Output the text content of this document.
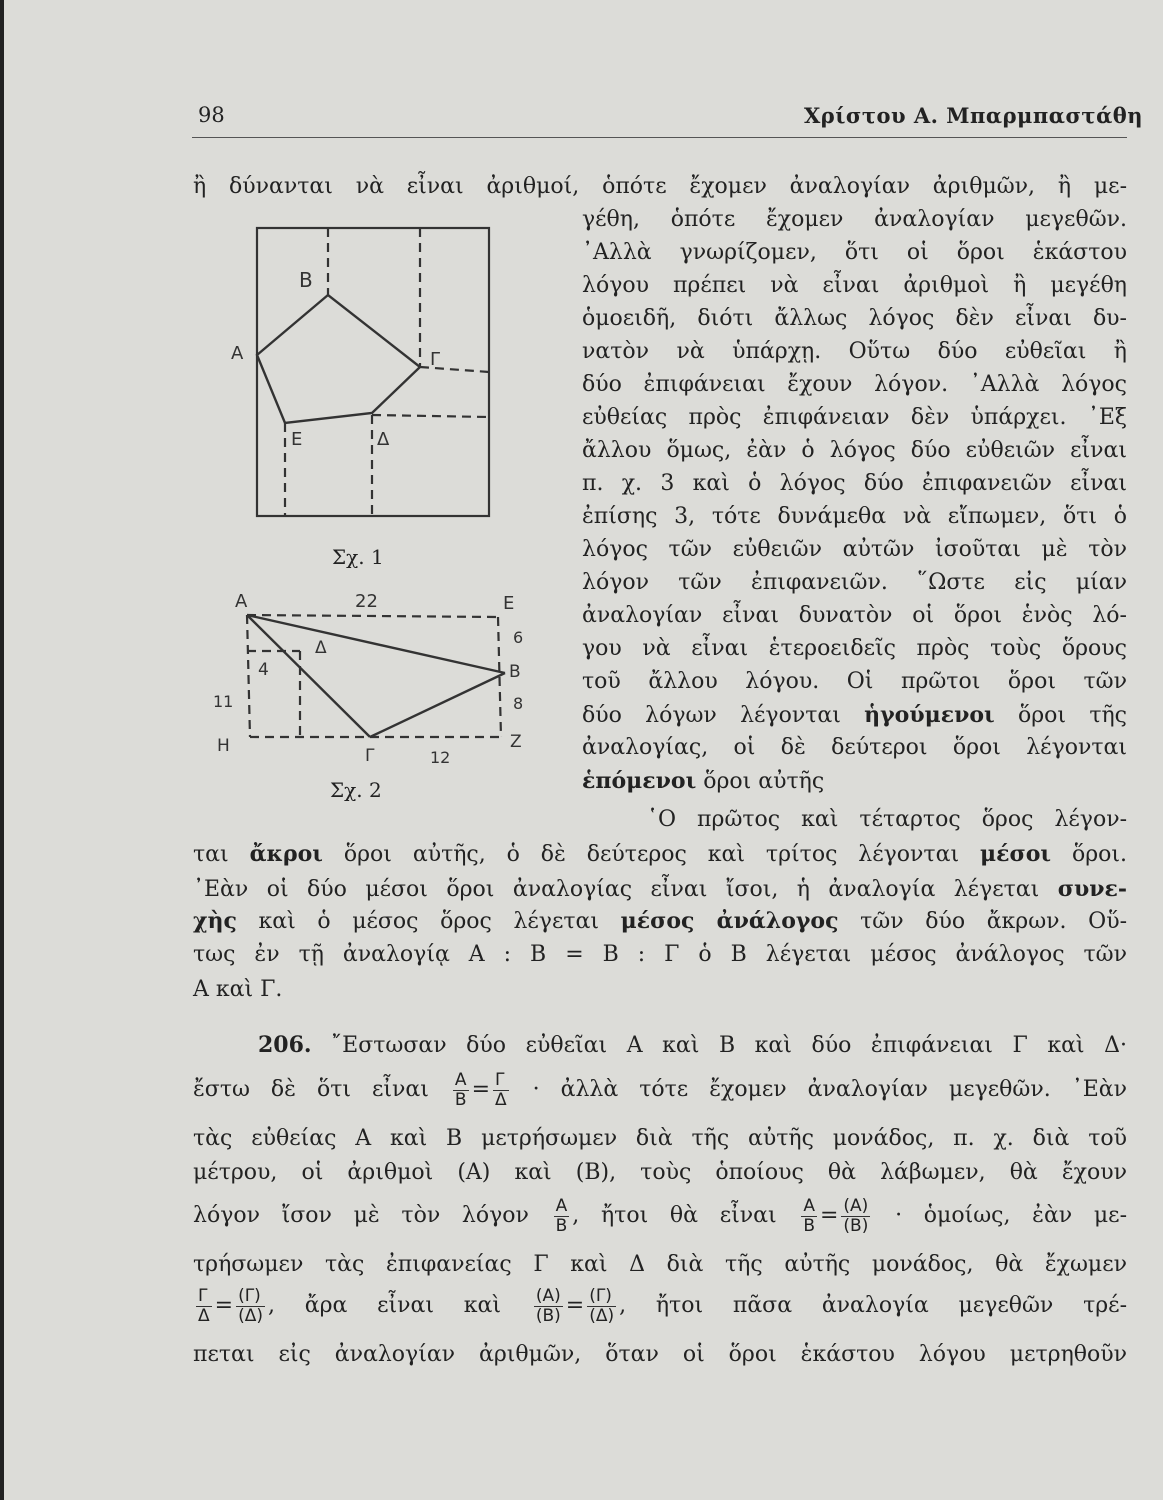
98	Χρίστου Α. Μπαρμπαστάθη
Β
Α	Γ
Ε	Δ
Σχ. 1
Α	22	Ε
6
Δ
4	Β
8
11
Η	Ζ
Γ	12
Σχ. 2
ἢ δύνανται νὰ εἶναι ἀριθμοί, ὁπότε ἔχομεν ἀναλογίαν ἀριθμῶν, ἢ με-
γέθη, ὁπότε ἔχομεν ἀναλογίαν μεγεθῶν.
᾿Αλλὰ γνωρίζομεν, ὅτι οἱ ὅροι ἑκάστου
λόγου πρέπει νὰ εἶναι ἀριθμοὶ ἢ μεγέθη
ὁμοειδῆ, διότι ἄλλως λόγος δὲν εἶναι δυ-
νατὸν νὰ ὑπάρχῃ. Οὕτω δύο εὐθεῖαι ἢ
δύο ἐπιφάνειαι ἔχουν λόγον. ᾿Αλλὰ λόγος
εὐθείας πρὸς ἐπιφάνειαν δὲν ὑπάρχει. ᾿Εξ
ἄλλου ὅμως, ἐὰν ὁ λόγος δύο εὐθειῶν εἶναι
π. χ. 3 καὶ ὁ λόγος δύο ἐπιφανειῶν εἶναι
ἐπίσης 3, τότε δυνάμεθα νὰ εἴπωμεν, ὅτι ὁ
λόγος τῶν εὐθειῶν αὐτῶν ἰσοῦται μὲ τὸν
λόγον τῶν ἐπιφανειῶν. ῞Ωστε εἰς μίαν
ἀναλογίαν εἶναι δυνατὸν οἱ ὅροι ἑνὸς λό-
γου νὰ εἶναι ἑτεροειδεῖς πρὸς τοὺς ὅρους
τοῦ ἄλλου λόγου. Οἱ πρῶτοι ὅροι τῶν
δύο λόγων λέγονται ἡγούμενοι ὅροι τῆς
ἀναλογίας, οἱ δὲ δεύτεροι ὅροι λέγονται
ἑπόμενοι ὅροι αὐτῆς
῾Ο πρῶτος καὶ τέταρτος ὅρος λέγον-
ται ἄκροι ὅροι αὐτῆς, ὁ δὲ δεύτερος καὶ τρίτος λέγονται μέσοι ὅροι.
᾿Εὰν οἱ δύο μέσοι ὅροι ἀναλογίας εἶναι ἴσοι, ἡ ἀναλογία λέγεται συνε-
χὴς καὶ ὁ μέσος ὅρος λέγεται μέσος ἀνάλογος τῶν δύο ἄκρων. Οὕ-
τως ἐν τῇ ἀναλογίᾳ Α : Β = Β : Γ ὁ Β λέγεται μέσος ἀνάλογος τῶν
Α καὶ Γ.
206. ῎Εστωσαν δύο εὐθεῖαι Α καὶ Β καὶ δύο ἐπιφάνειαι Γ καὶ Δ·
ἔστω δὲ ὅτι εἶναι $\frac{A}{B} = \frac{\Gamma}{\Delta}$ · ἀλλὰ τότε ἔχομεν ἀναλογίαν μεγεθῶν. ᾿Εὰν
τὰς εὐθείας Α καὶ Β μετρήσωμεν διὰ τῆς αὐτῆς μονάδος, π. χ. διὰ τοῦ
μέτρου, οἱ ἀριθμοὶ (Α) καὶ (Β), τοὺς ὁποίους θὰ λάβωμεν, θὰ ἔχουν
λόγον ἴσον μὲ τὸν λόγον $\frac{A}{B}$ , ἤτοι θὰ εἶναι $\frac{A}{B} = \frac{(A)}{(B)}$ · ὁμοίως, ἐὰν με-
τρήσωμεν τὰς ἐπιφανείας Γ καὶ Δ διὰ τῆς αὐτῆς μονάδος, θὰ ἔχωμεν
$\frac{\Gamma}{\Delta} = \frac{(\Gamma)}{(\Delta)}$ , ἄρα εἶναι καὶ $\frac{(A)}{(B)} = \frac{(\Gamma)}{(\Delta)}$ , ἤτοι πᾶσα ἀναλογία μεγεθῶν τρέ-
πεται εἰς ἀναλογίαν ἀριθμῶν, ὅταν οἱ ὅροι ἑκάστου λόγου μετρηθοῦν
